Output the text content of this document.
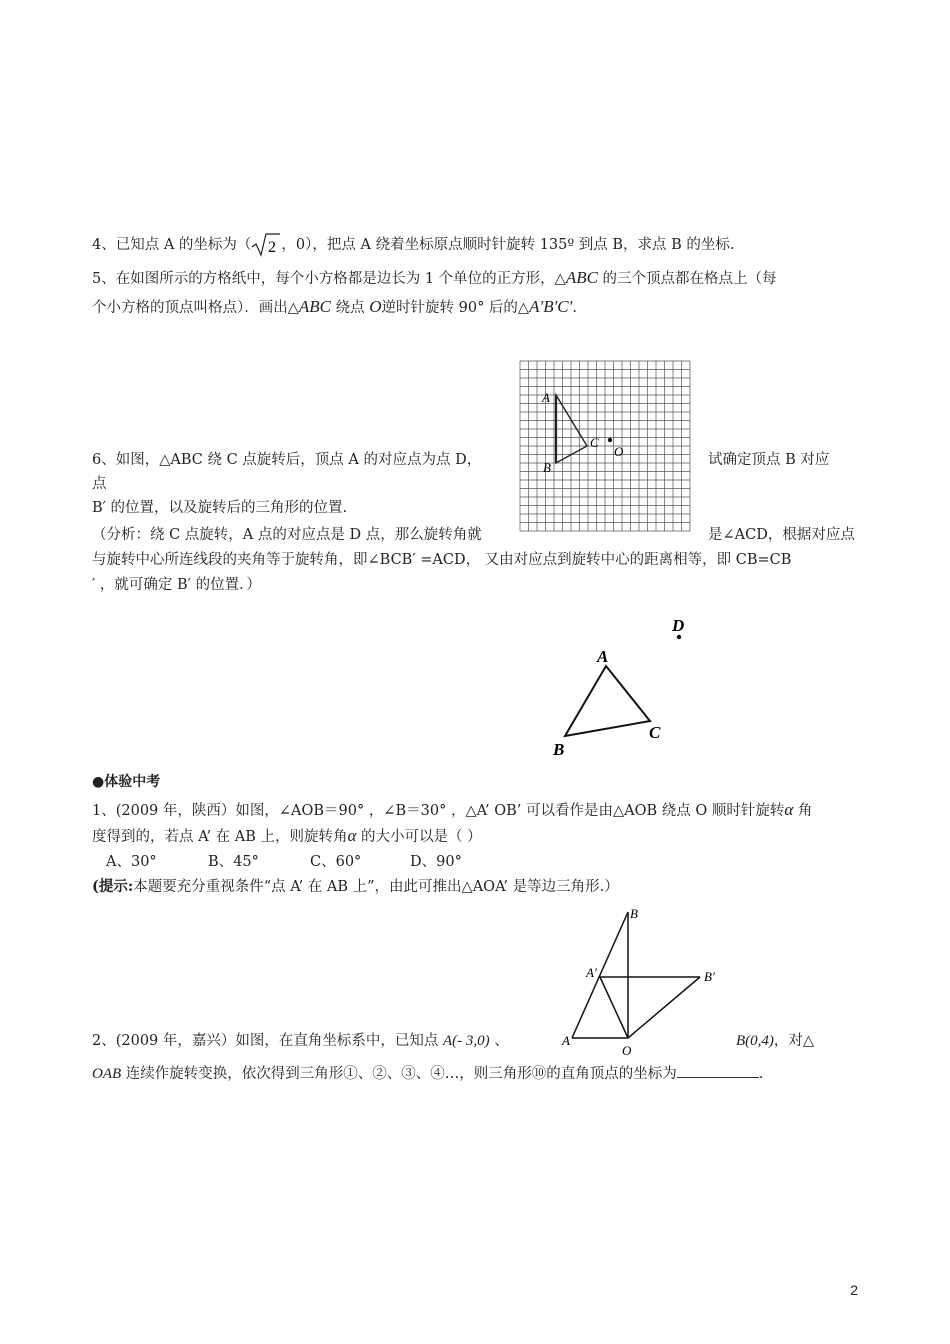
4、已知点 A 的坐标为（ 2 ，0），把点 A 绕着坐标原点顺时针旋转 135º 到点 B，求点 B 的坐标.
5、在如图所示的方格纸中，每个小方格都是边长为 1 个单位的正方形，△ABC 的三个顶点都在格点上（每
个小方格的顶点叫格点）．画出△ABC 绕点 O逆时针旋转 90° 后的△A′B′C′.
A
B
C
O
6、如图，△ABC 绕 C 点旋转后，顶点 A 的对应点为点 D，	试确定顶点 B 对应
点
B′ 的位置，以及旋转后的三角形的位置.
（分析：绕 C 点旋转，A 点的对应点是 D 点，那么旋转角就	是∠ACD，根据对应点
与旋转中心所连线段的夹角等于旋转角，即∠BCB′ =ACD， 又由对应点到旋转中心的距离相等，即 CB=CB
′ ，就可确定 B′ 的位置．）
A
B
C
D
●体验中考
1、(2009 年，陕西）如图，∠AOB＝90° ，∠B＝30° ，△A’ OB’ 可以看作是由△AOB 绕点 O 顺时针旋转α 角
度得到的，若点 A’ 在 AB 上，则旋转角α 的大小可以是（ ）
A、30°	B、45°	C、60°	D、90°
(提示:本题要充分重视条件“点 A’ 在 AB 上”，由此可推出△AOA’ 是等边三角形.）
B
A′	B′
A
O
2、(2009 年，嘉兴）如图，在直角坐标系中，已知点 A(- 3,0) 、	B(0,4)，对△
OAB 连续作旋转变换，依次得到三角形①、②、③、④…，则三角形⑩的直角顶点的坐标为	.
2
